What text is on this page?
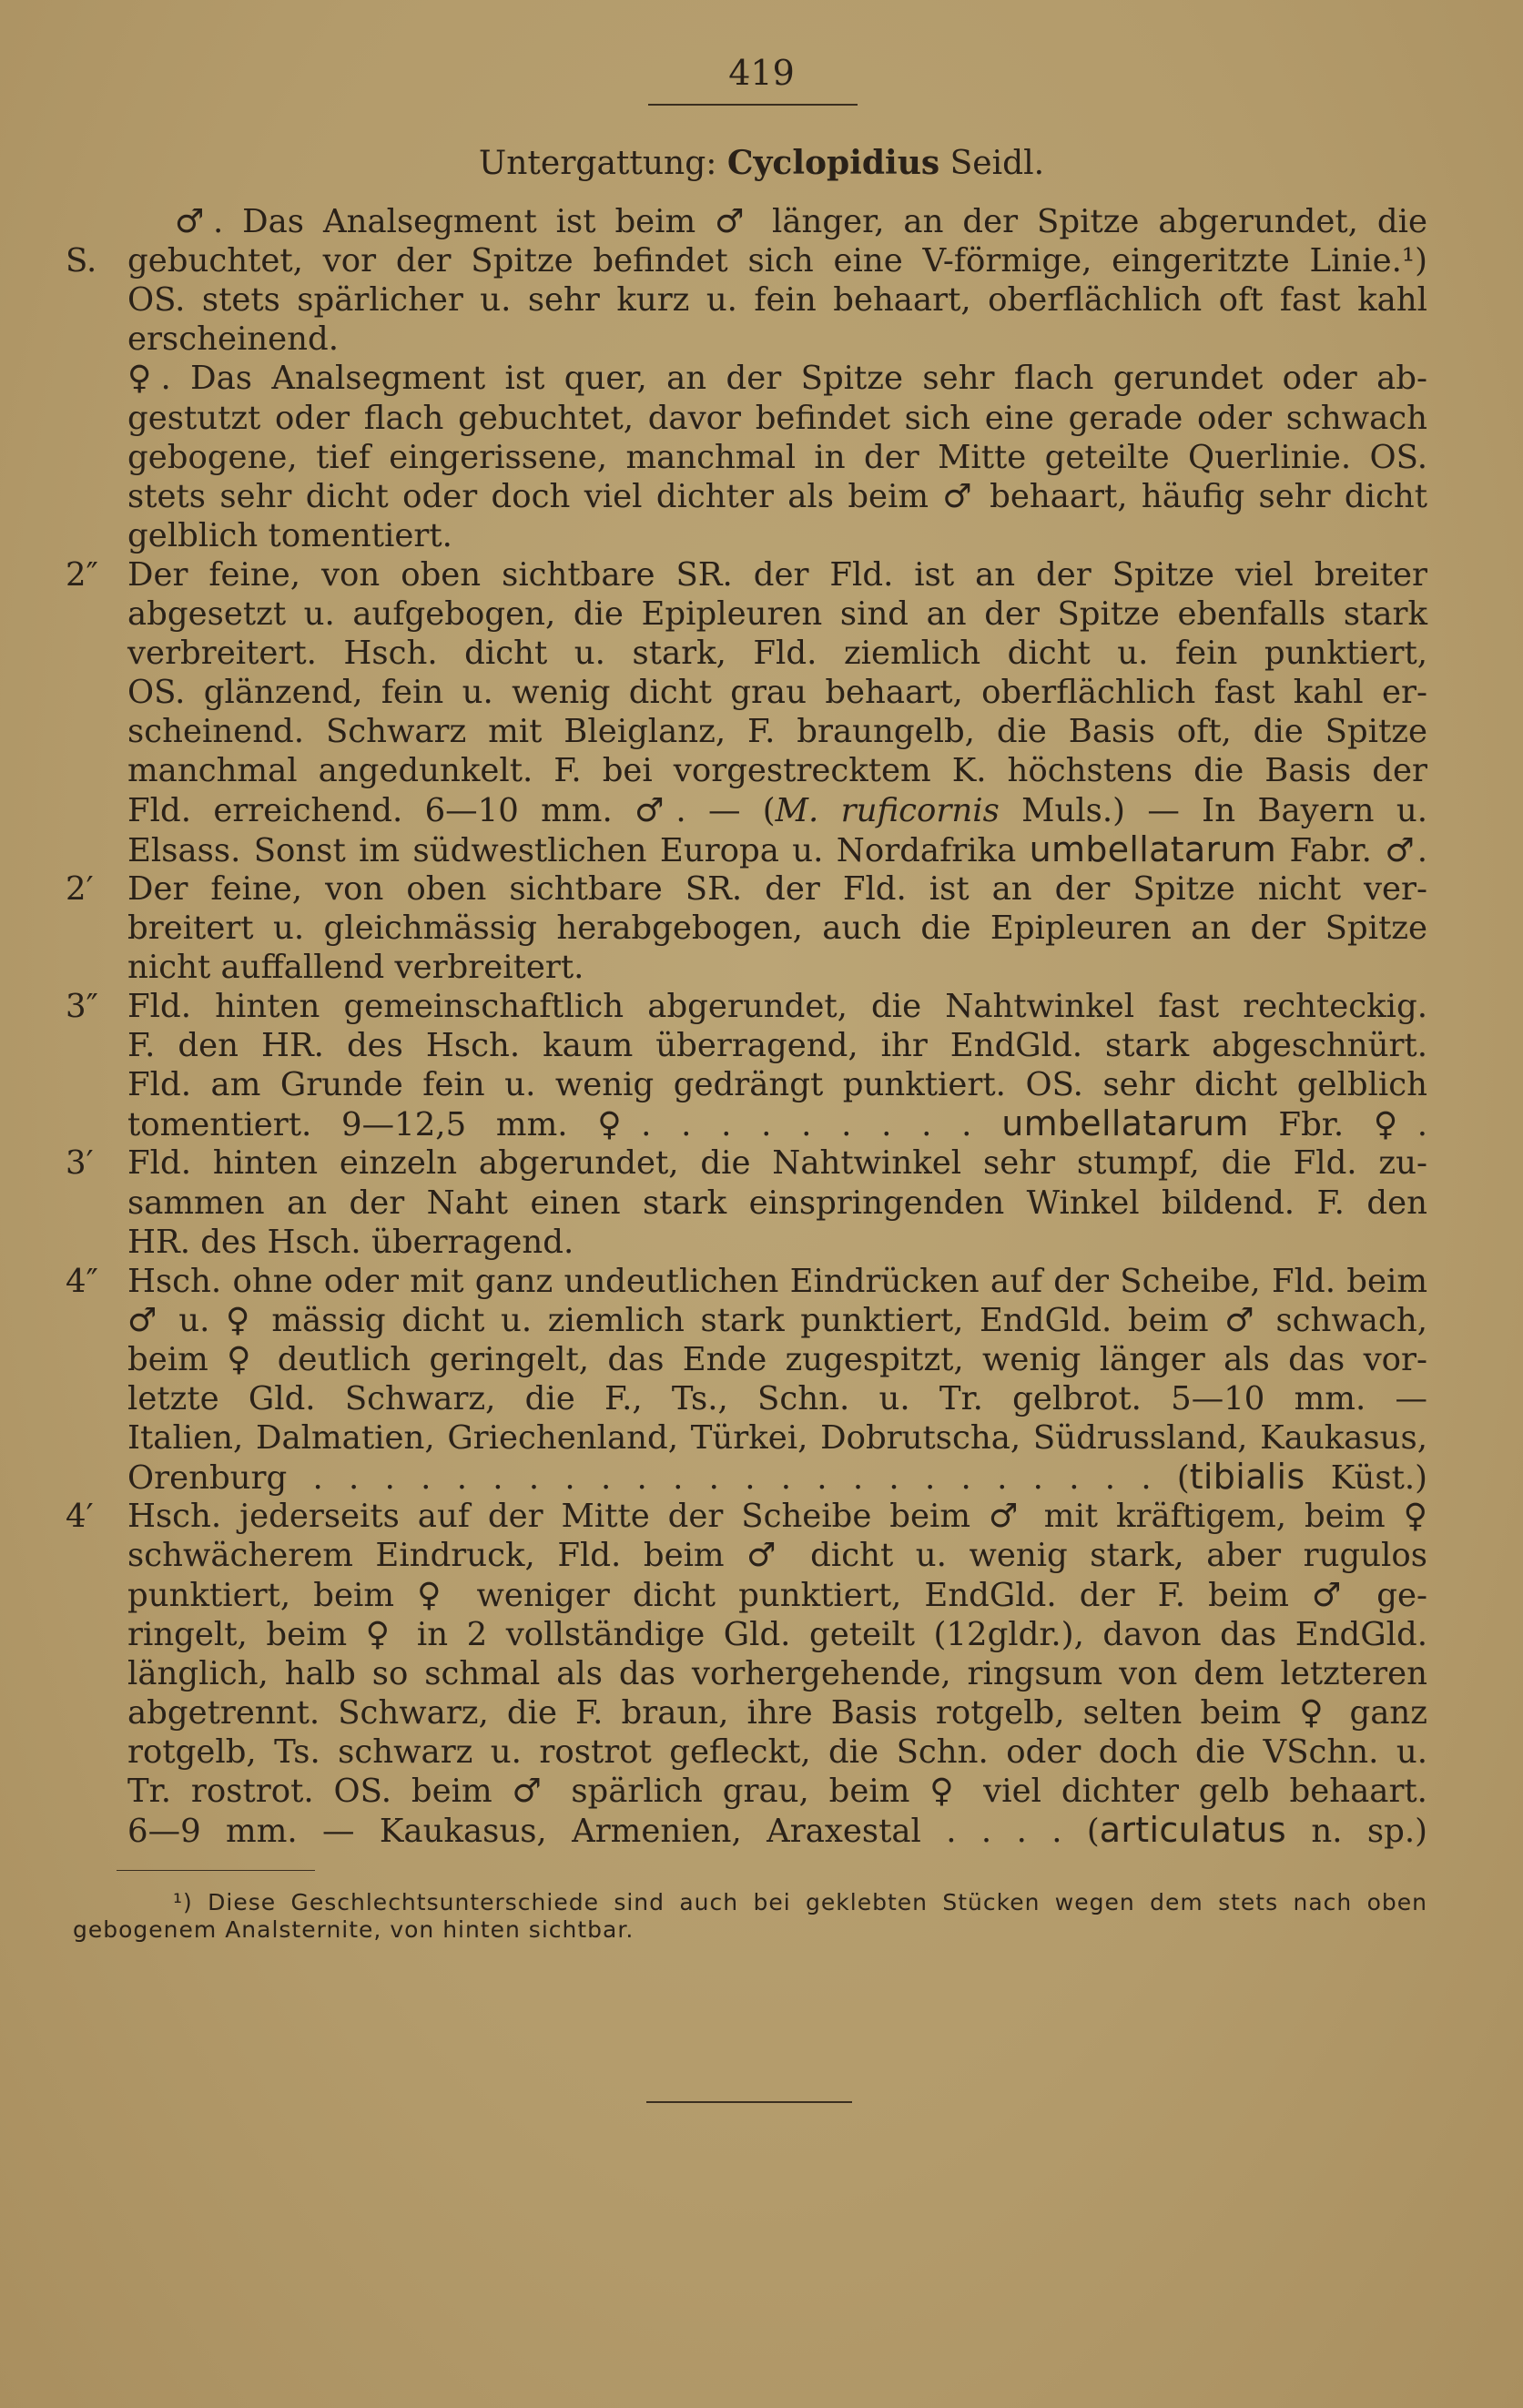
419
Untergattung: Cyclopidius Seidl.
♂. Das Analsegment ist beim ♂ länger, an der Spitze abgerundet, die
S. gebuchtet, vor der Spitze befindet sich eine V-förmige, eingeritzte Linie.¹)
OS. stets spärlicher u. sehr kurz u. fein behaart, oberflächlich oft fast kahl
erscheinend.
♀. Das Analsegment ist quer, an der Spitze sehr flach gerundet oder ab-
gestutzt oder flach gebuchtet, davor befindet sich eine gerade oder schwach
gebogene, tief eingerissene, manchmal in der Mitte geteilte Querlinie. OS.
stets sehr dicht oder doch viel dichter als beim ♂ behaart, häufig sehr dicht
gelblich tomentiert.
2″ Der feine, von oben sichtbare SR. der Fld. ist an der Spitze viel breiter
abgesetzt u. aufgebogen, die Epipleuren sind an der Spitze ebenfalls stark
verbreitert. Hsch. dicht u. stark, Fld. ziemlich dicht u. fein punktiert,
OS. glänzend, fein u. wenig dicht grau behaart, oberflächlich fast kahl er-
scheinend. Schwarz mit Bleiglanz, F. braungelb, die Basis oft, die Spitze
manchmal angedunkelt. F. bei vorgestrecktem K. höchstens die Basis der
Fld. erreichend. 6—10 mm. ♂. — (M. ruficornis Muls.) — In Bayern u.
Elsass. Sonst im südwestlichen Europa u. Nordafrika umbellatarum Fabr. ♂.
2′	Der feine, von oben sichtbare SR. der Fld. ist an der Spitze nicht ver-
breitert u. gleichmässig herabgebogen, auch die Epipleuren an der Spitze
nicht auffallend verbreitert.
3″ Fld. hinten gemeinschaftlich abgerundet, die Nahtwinkel fast rechteckig.
F. den HR. des Hsch. kaum überragend, ihr EndGld. stark abgeschnürt.
Fld. am Grunde fein u. wenig gedrängt punktiert. OS. sehr dicht gelblich
tomentiert. 9—12,5 mm. ♀. . . . . . . . . umbellatarum Fbr. ♀.
3′	Fld. hinten einzeln abgerundet, die Nahtwinkel sehr stumpf, die Fld. zu-
sammen an der Naht einen stark einspringenden Winkel bildend. F. den
HR. des Hsch. überragend.
4″ Hsch. ohne oder mit ganz undeutlichen Eindrücken auf der Scheibe, Fld. beim
♂ u. ♀ mässig dicht u. ziemlich stark punktiert, EndGld. beim ♂ schwach,
beim ♀ deutlich geringelt, das Ende zugespitzt, wenig länger als das vor-
letzte Gld. Schwarz, die F., Ts., Schn. u. Tr. gelbrot. 5—10 mm. —
Italien, Dalmatien, Griechenland, Türkei, Dobrutscha, Südrussland, Kaukasus,
Orenburg . . . . . . . . . . . . . . . . . . . . . . . . (tibialis Küst.)
4′	Hsch. jederseits auf der Mitte der Scheibe beim ♂ mit kräftigem, beim ♀
schwächerem Eindruck, Fld. beim ♂ dicht u. wenig stark, aber rugulos
punktiert, beim ♀ weniger dicht punktiert, EndGld. der F. beim ♂ ge-
ringelt, beim ♀ in 2 vollständige Gld. geteilt (12gldr.), davon das EndGld.
länglich, halb so schmal als das vorhergehende, ringsum von dem letzteren
abgetrennt. Schwarz, die F. braun, ihre Basis rotgelb, selten beim ♀ ganz
rotgelb, Ts. schwarz u. rostrot gefleckt, die Schn. oder doch die VSchn. u.
Tr. rostrot. OS. beim ♂ spärlich grau, beim ♀ viel dichter gelb behaart.
6—9 mm. — Kaukasus, Armenien, Araxestal . . . . (articulatus n. sp.)
¹) Diese Geschlechtsunterschiede sind auch bei geklebten Stücken wegen dem stets nach oben
gebogenem Analsternite, von hinten sichtbar.
